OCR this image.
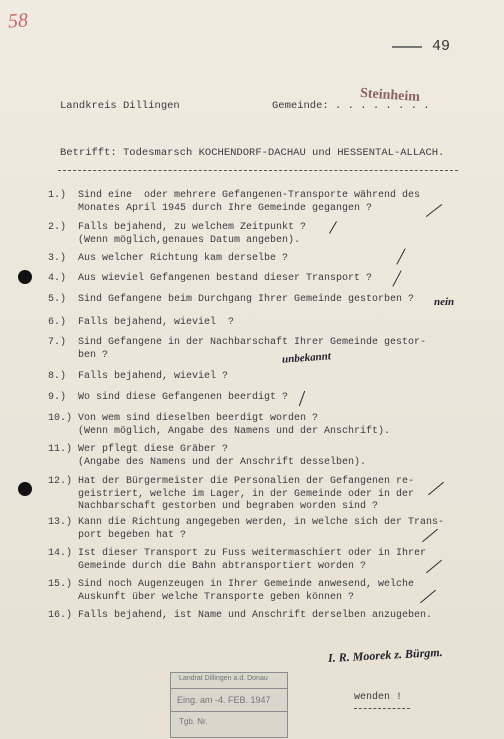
58
49
Landkreis Dillingen	Gemeinde: . . . . . . . .
Steinheim
Betrifft: Todesmarsch KOCHENDORF-DACHAU und HESSENTAL-ALLACH.
1.) Sind eine  oder mehrere Gefangenen-Transporte während des
Monates April 1945 durch Ihre Gemeinde gegangen ?
2.) Falls bejahend, zu welchem Zeitpunkt ?
(Wenn möglich,genaues Datum angeben).
3.) Aus welcher Richtung kam derselbe ?
4.) Aus wieviel Gefangenen bestand dieser Transport ?
5.) Sind Gefangene beim Durchgang Ihrer Gemeinde gestorben ?
6.) Falls bejahend, wieviel  ?
7.) Sind Gefangene in der Nachbarschaft Ihrer Gemeinde gestor-
ben ?
8.) Falls bejahend, wieviel ?
9.) Wo sind diese Gefangenen beerdigt ?
10.) Von wem sind dieselben beerdigt worden ?
(Wenn möglich, Angabe des Namens und der Anschrift).
11.) Wer pflegt diese Gräber ?
(Angabe des Namens und der Anschrift desselben).
12.) Hat der Bürgermeister die Personalien der Gefangenen re-
geistriert, welche im Lager, in der Gemeinde oder in der
Nachbarschaft gestorben und begraben worden sind ?
13.) Kann die Richtung angegeben werden, in welche sich der Trans-
port begeben hat ?
14.) Ist dieser Transport zu Fuss weitermaschiert oder in Ihrer
Gemeinde durch die Bahn abtransportiert worden ?
15.) Sind noch Augenzeugen in Ihrer Gemeinde anwesend, welche
Auskunft über welche Transporte geben können ?
16.) Falls bejahend, ist Name und Anschrift derselben anzugeben.
nein
unbekannt
I. R. Moorek z. Bürgm.
wenden !
Landrat Dillingen a.d. Donau
Eing. am -4. FEB. 1947
Tgb. Nr.
